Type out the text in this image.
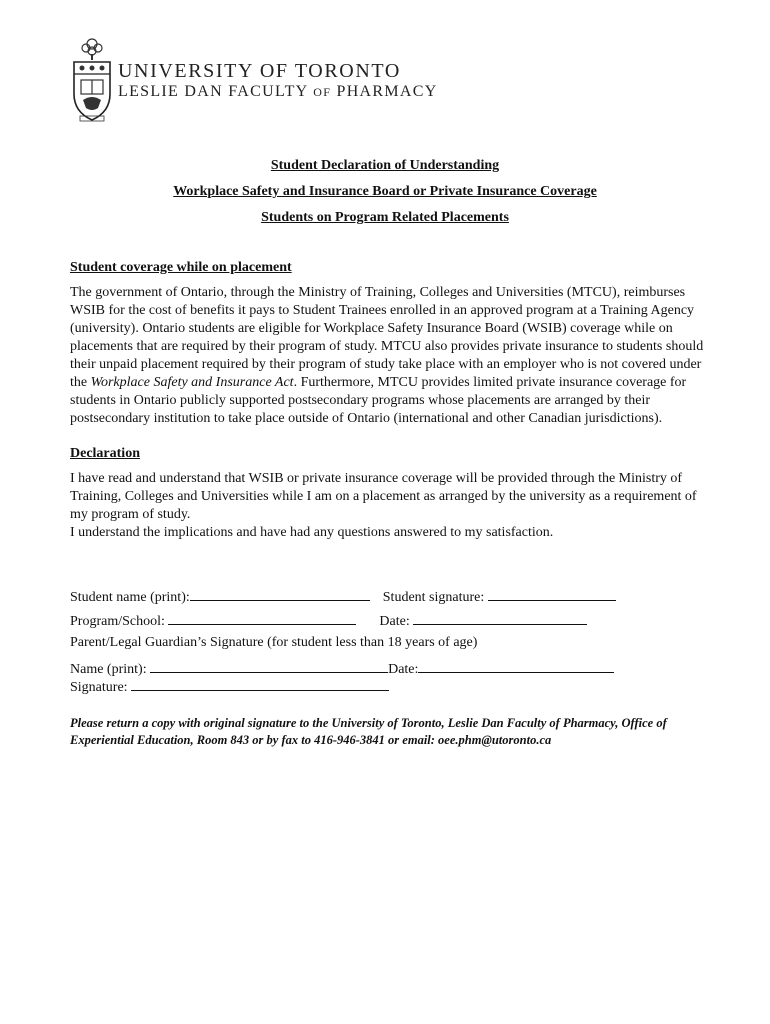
UNIVERSITY OF TORONTO
LESLIE DAN FACULTY OF PHARMACY
Student Declaration of Understanding
Workplace Safety and Insurance Board or Private Insurance Coverage
Students on Program Related Placements
Student coverage while on placement

The government of Ontario, through the Ministry of Training, Colleges and Universities (MTCU), reimburses WSIB for the cost of benefits it pays to Student Trainees enrolled in an approved program at a Training Agency (university). Ontario students are eligible for Workplace Safety Insurance Board (WSIB) coverage while on placements that are required by their program of study. MTCU also provides private insurance to students should their unpaid placement required by their program of study take place with an employer who is not covered under the Workplace Safety and Insurance Act. Furthermore, MTCU provides limited private insurance coverage for students in Ontario publicly supported postsecondary programs whose placements are arranged by their postsecondary institution to take place outside of Ontario (international and other Canadian jurisdictions).

Declaration

I have read and understand that WSIB or private insurance coverage will be provided through the Ministry of Training, Colleges and Universities while I am on a placement as arranged by the university as a requirement of my program of study.

I understand the implications and have had any questions answered to my satisfaction.

Student name (print):	Student signature:
Program/School:	Date:
Parent/Legal Guardian’s Signature (for student less than 18 years of age)
Name (print):	Date:
Signature:
Please return a copy with original signature to the University of Toronto, Leslie Dan Faculty of Pharmacy, Office of Experiential Education, Room 843 or by fax to 416-946-3841 or email: oee.phm@utoronto.ca
